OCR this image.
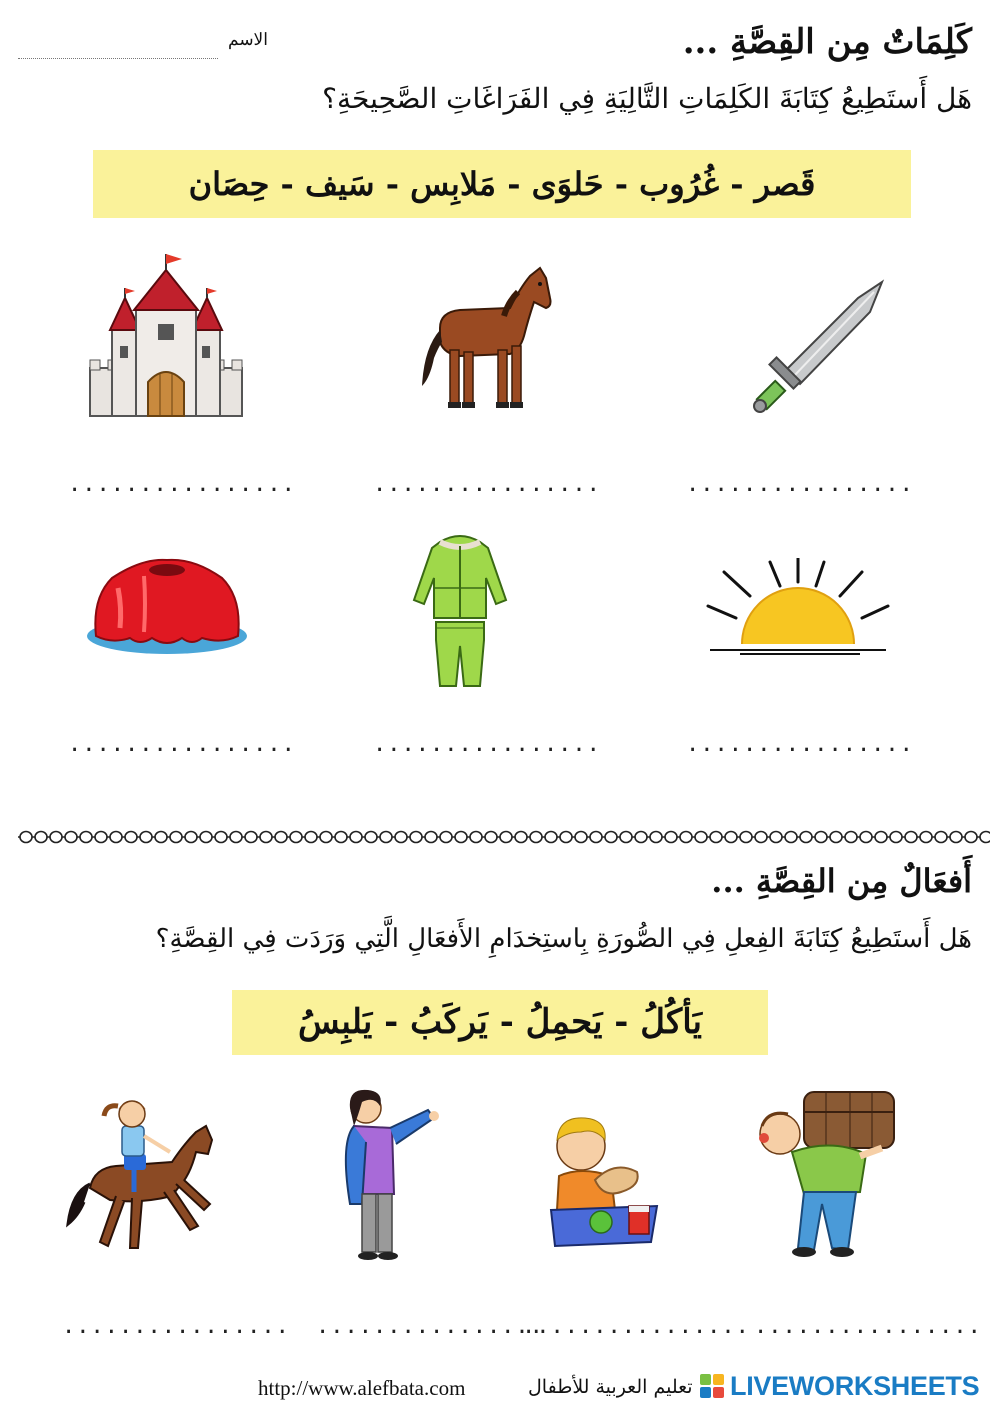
كَلِمَاتٌ مِن القِصَّةِ ...
الاسم
هَل أَستَطِيعُ كِتَابَةَ الكَلِمَاتِ التَّالِيَةِ فِي الفَرَاغَاتِ الصَّحِيحَةِ؟
قَصر - غُرُوب - حَلوَى - مَلابِس - سَيف - حِصَان
................	................	................
................	................	................
أَفعَالٌ مِن القِصَّةِ ...
هَل أَستَطِيعُ كِتَابَةَ الفِعلِ فِي الصُّورَةِ بِاستِخدَامِ الأَفعَالِ الَّتِي وَرَدَت فِي القِصَّةِ؟
يَأكُلُ - يَحمِلُ - يَركَبُ - يَلبِسُ
................ ................
................ ................
http://www.alefbata.com	تعليم العربية للأطفال LIVEWORKSHEETS
